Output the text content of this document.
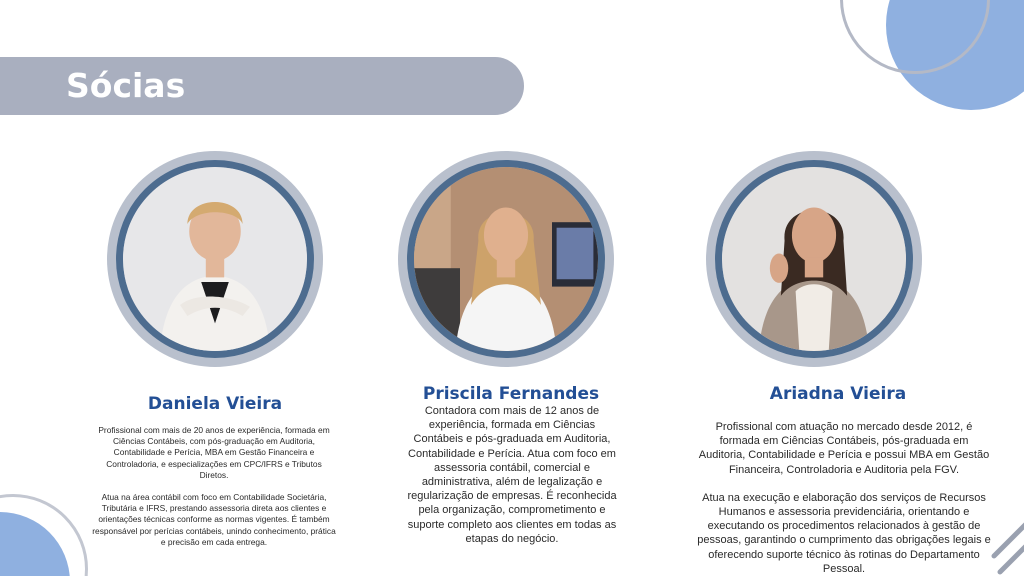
Sócias
Daniela Vieira	Priscila Fernandes	Ariadna Vieira

Profissional com mais de 20 anos de experiência, formada em Ciências Contábeis, com pós-graduação em Auditoria, Contabilidade e Perícia, MBA em Gestão Financeira e Controladoria, e especializações em CPC/IFRS e Tributos Diretos.

Atua na área contábil com foco em Contabilidade Societária, Tributária e IFRS, prestando assessoria direta aos clientes e orientações técnicas conforme as normas vigentes. É também responsável por perícias contábeis, unindo conhecimento, prática e precisão em cada entrega.

Contadora com mais de 12 anos de experiência, formada em Ciências Contábeis e pós-graduada em Auditoria, Contabilidade e Perícia. Atua com foco em assessoria contábil, comercial e administrativa, além de legalização e regularização de empresas. É reconhecida pela organização, comprometimento e suporte completo aos clientes em todas as etapas do negócio.

Profissional com atuação no mercado desde 2012, é formada em Ciências Contábeis, pós-graduada em Auditoria, Contabilidade e Perícia e possui MBA em Gestão Financeira, Controladoria e Auditoria pela FGV.

Atua na execução e elaboração dos serviços de Recursos Humanos e assessoria previdenciária, orientando e executando os procedimentos relacionados à gestão de pessoas, garantindo o cumprimento das obrigações legais e oferecendo suporte técnico às rotinas do Departamento Pessoal.
